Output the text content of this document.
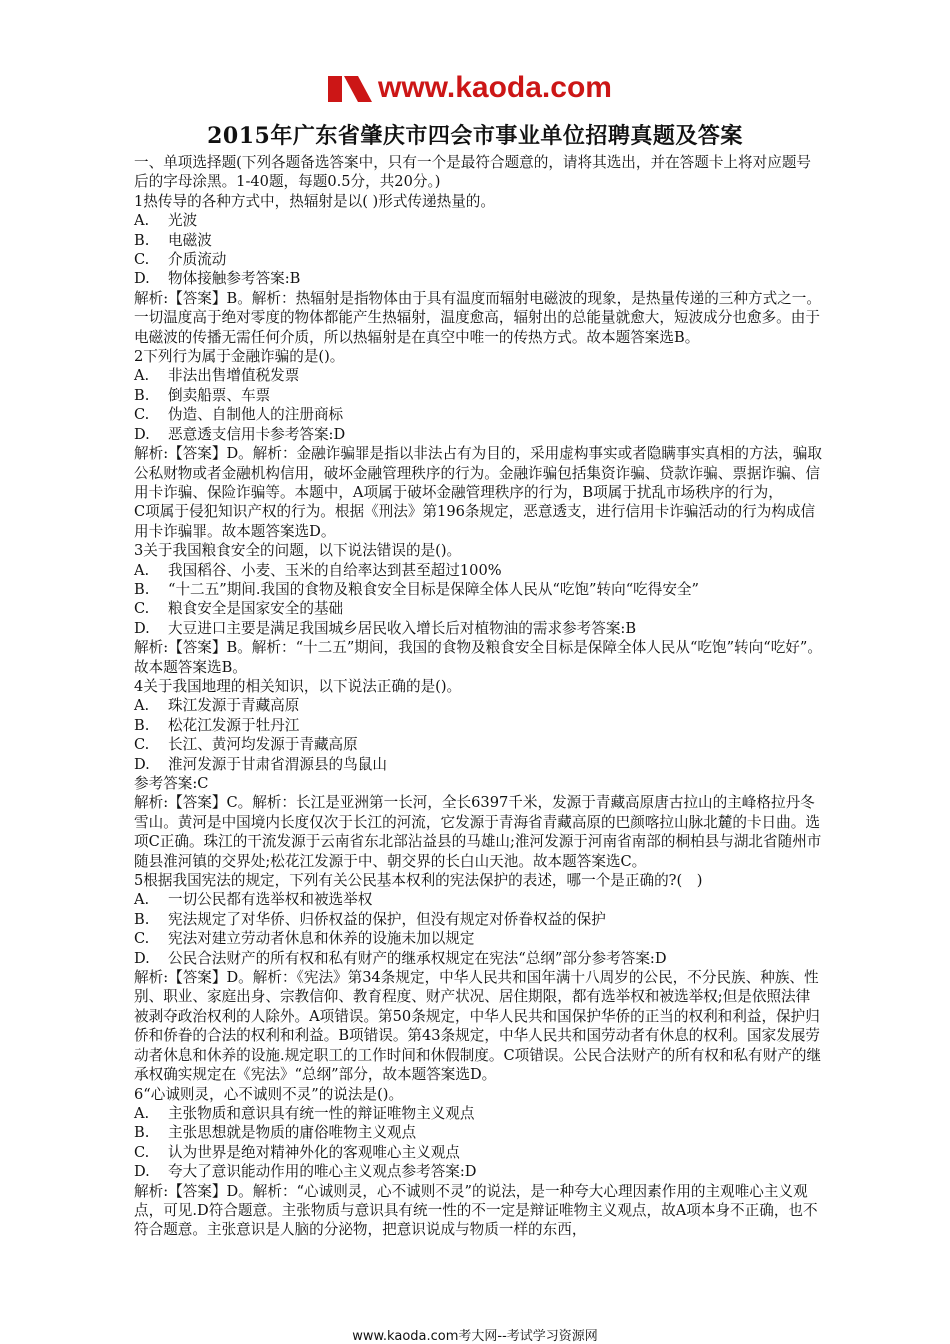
www.kaoda.com
2015年广东省肇庆市四会市事业单位招聘真题及答案

一、单项选择题(下列各题备选答案中，只有一个是最符合题意的，请将其选出，并在答题卡上将对应题号后的字母涂黑。1-40题，每题0.5分，共20分。)

1热传导的各种方式中，热辐射是以( )形式传递热量的。

A.	光波
B.	电磁波
C.	介质流动
D.	物体接触参考答案:B

解析:【答案】B。解析：热辐射是指物体由于具有温度而辐射电磁波的现象，是热量传递的三种方式之一。一切温度高于绝对零度的物体都能产生热辐射，温度愈高，辐射出的总能量就愈大，短波成分也愈多。由于电磁波的传播无需任何介质，所以热辐射是在真空中唯一的传热方式。故本题答案选B。

2下列行为属于金融诈骗的是()。

A.	非法出售增值税发票
B.	倒卖船票、车票
C.	伪造、自制他人的注册商标
D.	恶意透支信用卡参考答案:D

解析:【答案】D。解析：金融诈骗罪是指以非法占有为目的，采用虚构事实或者隐瞒事实真相的方法，骗取公私财物或者金融机构信用，破坏金融管理秩序的行为。金融诈骗包括集资诈骗、贷款诈骗、票据诈骗、信用卡诈骗、保险诈骗等。本题中，A项属于破坏金融管理秩序的行为，B项属于扰乱市场秩序的行为，

C项属于侵犯知识产权的行为。根据《刑法》第196条规定，恶意透支，进行信用卡诈骗活动的行为构成信用卡诈骗罪。故本题答案选D。

3关于我国粮食安全的问题，以下说法错误的是()。

A.	我国稻谷、小麦、玉米的自给率达到甚至超过100%
B.	“十二五”期间.我国的食物及粮食安全目标是保障全体人民从“吃饱”转向“吃得安全”
C.	粮食安全是国家安全的基础
D.	大豆进口主要是满足我国城乡居民收入增长后对植物油的需求参考答案:B

解析:【答案】B。解析：“十二五”期间，我国的食物及粮食安全目标是保障全体人民从“吃饱”转向“吃好”。故本题答案选B。

4关于我国地理的相关知识，以下说法正确的是()。

A.	珠江发源于青藏高原
B.	松花江发源于牡丹江
C.	长江、黄河均发源于青藏高原
D.	淮河发源于甘肃省渭源县的鸟鼠山

参考答案:C

解析:【答案】C。解析：长江是亚洲第一长河，全长6397千米，发源于青藏高原唐古拉山的主峰格拉丹冬雪山。黄河是中国境内长度仅次于长江的河流，它发源于青海省青藏高原的巴颜喀拉山脉北麓的卡日曲。选项C正确。珠江的干流发源于云南省东北部沾益县的马雄山;淮河发源于河南省南部的桐柏县与湖北省随州市随县淮河镇的交界处;松花江发源于中、朝交界的长白山天池。故本题答案选C。

5根据我国宪法的规定，下列有关公民基本权利的宪法保护的表述，哪一个是正确的?(　)

A.	一切公民都有选举权和被选举权
B.	宪法规定了对华侨、归侨权益的保护，但没有规定对侨眷权益的保护
C.	宪法对建立劳动者休息和休养的设施未加以规定
D.	公民合法财产的所有权和私有财产的继承权规定在宪法“总纲”部分参考答案:D

解析:【答案】D。解析：《宪法》第34条规定，中华人民共和国年满十八周岁的公民，不分民族、种族、性别、职业、家庭出身、宗教信仰、教育程度、财产状况、居住期限，都有选举权和被选举权;但是依照法律被剥夺政治权利的人除外。A项错误。第50条规定，中华人民共和国保护华侨的正当的权利和利益，保护归侨和侨眷的合法的权利和利益。B项错误。第43条规定，中华人民共和国劳动者有休息的权利。国家发展劳动者休息和休养的设施.规定职工的工作时间和休假制度。C项错误。公民合法财产的所有权和私有财产的继承权确实规定在《宪法》“总纲”部分，故本题答案选D。

6“心诚则灵，心不诚则不灵”的说法是()。

A.	主张物质和意识具有统一性的辩证唯物主义观点
B.	主张思想就是物质的庸俗唯物主义观点
C.	认为世界是绝对精神外化的客观唯心主义观点
D.	夸大了意识能动作用的唯心主义观点参考答案:D

解析:【答案】D。解析：“心诚则灵，心不诚则不灵”的说法，是一种夸大心理因素作用的主观唯心主义观点，可见.D符合题意。主张物质与意识具有统一性的不一定是辩证唯物主义观点，故A项本身不正确，也不符合题意。主张意识是人脑的分泌物，把意识说成与物质一样的东西，

www.kaoda.com考大网--考试学习资源网
